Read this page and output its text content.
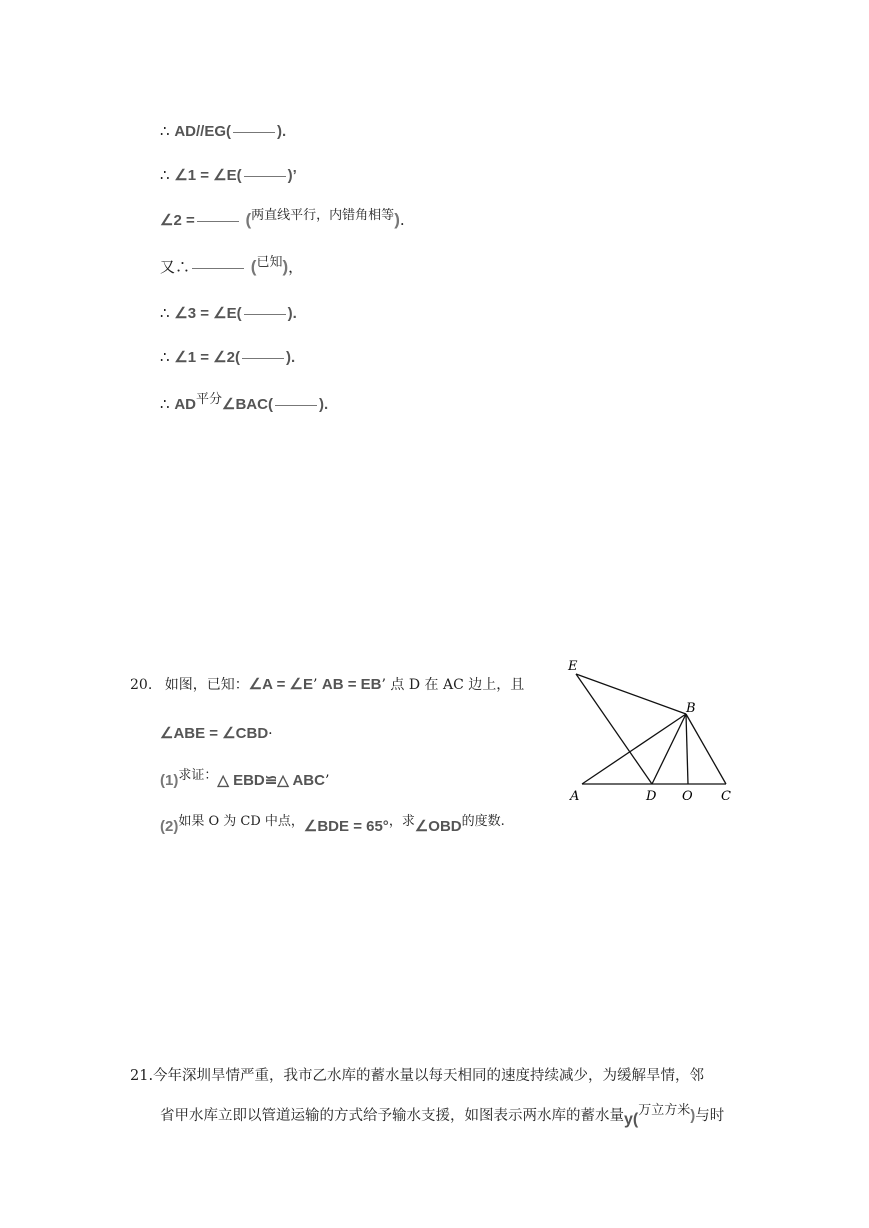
∴ AD//EG(	).
∴ ∠1 = ∠E(	)’
∠2 =	(两直线平行，内错角相等).
又∴	(已知)，
∴ ∠3 = ∠E(	).
∴ ∠1 = ∠2(	).
∴ AD平分∠BAC(	).
20. 如图，已知：∠A = ∠E’ AB = EB’ 点 D 在 AC 边上，且
∠ABE = ∠CBD·
(1)求证：△ EBD≌△ ABC’
(2)如果 O 为 CD 中点，∠BDE = 65°，求∠OBD的度数.
E
B
A	D O C
21.今年深圳旱情严重，我市乙水库的蓄水量以每天相同的速度持续减少，为缓解旱情，邻
省甲水库立即以管道运输的方式给予输水支援，如图表示两水库的蓄水量y(万立方米)与时
